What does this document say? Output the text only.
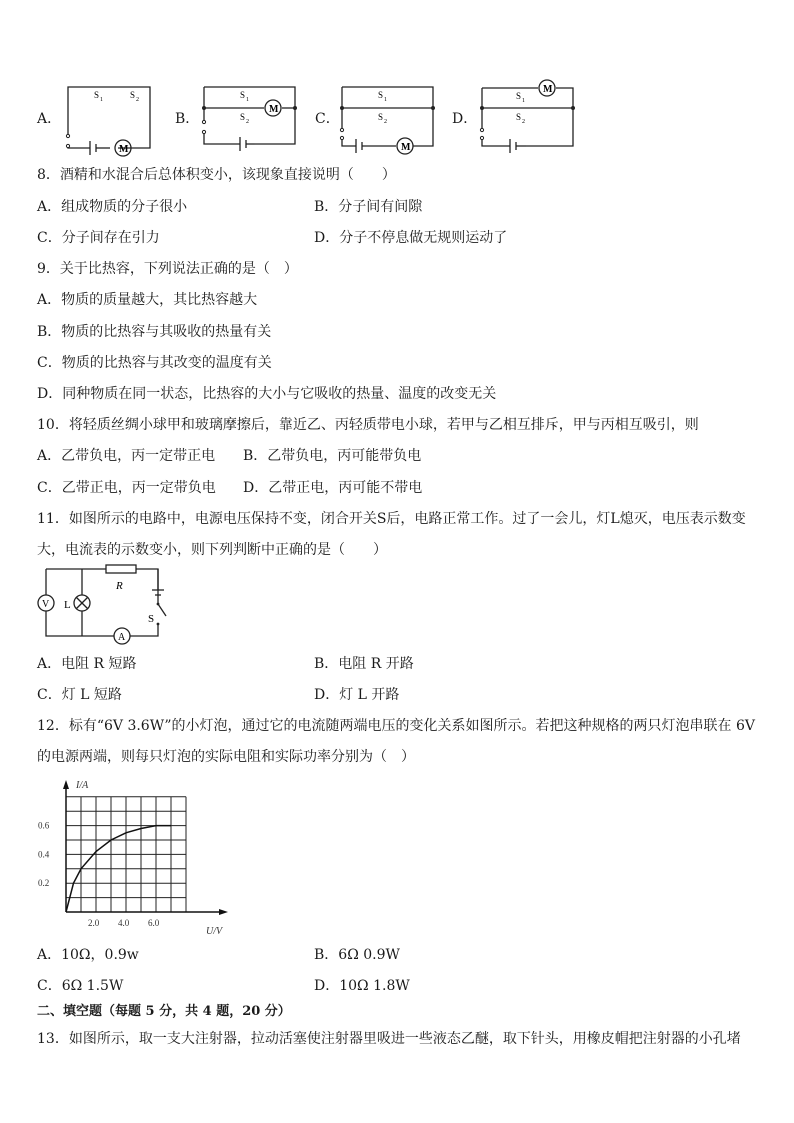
A．
M
S 1	S 2
B．
M
S 1
S 2	C．
M
S 1
S 2	D．
M
S 1
S 2
8．酒精和水混合后总体积变小，该现象直接说明（　　）
A．组成物质的分子很小	B．分子间有间隙
C．分子间存在引力	D．分子不停息做无规则运动了
9．关于比热容，下列说法正确的是（　）
A．物质的质量越大，其比热容越大
B．物质的比热容与其吸收的热量有关
C．物质的比热容与其改变的温度有关
D．同种物质在同一状态，比热容的大小与它吸收的热量、温度的改变无关
10．将轻质丝绸小球甲和玻璃摩擦后，靠近乙、丙轻质带电小球，若甲与乙相互排斥，甲与丙相互吸引，则
A．乙带负电，丙一定带正电 B．乙带负电，丙可能带负电
C．乙带正电，丙一定带负电 D．乙带正电，丙可能不带电
11．如图所示的电路中，电源电压保持不变，闭合开关S后，电路正常工作。过了一会儿，灯L熄灭，电压表示数变
大，电流表的示数变小，则下列判断中正确的是（　　）
V L
A
R
S
A．电阻 R 短路	B．电阻 R 开路
C．灯 L 短路	D．灯 L 开路
12．标有“6V 3.6W”的小灯泡，通过它的电流随两端电压的变化关系如图所示。若把这种规格的两只灯泡串联在 6V
的电源两端，则每只灯泡的实际电阻和实际功率分别为（　）
2.0 4.0 6.0
0.2
0.4
0.6
U/V
I/A
A．10Ω，0.9w	B．6Ω 0.9W
C．6Ω 1.5W	D．10Ω 1.8W
二、填空题（每题 5 分，共 4 题，20 分）
13．如图所示，取一支大注射器，拉动活塞使注射器里吸进一些液态乙醚，取下针头，用橡皮帽把注射器的小孔堵
